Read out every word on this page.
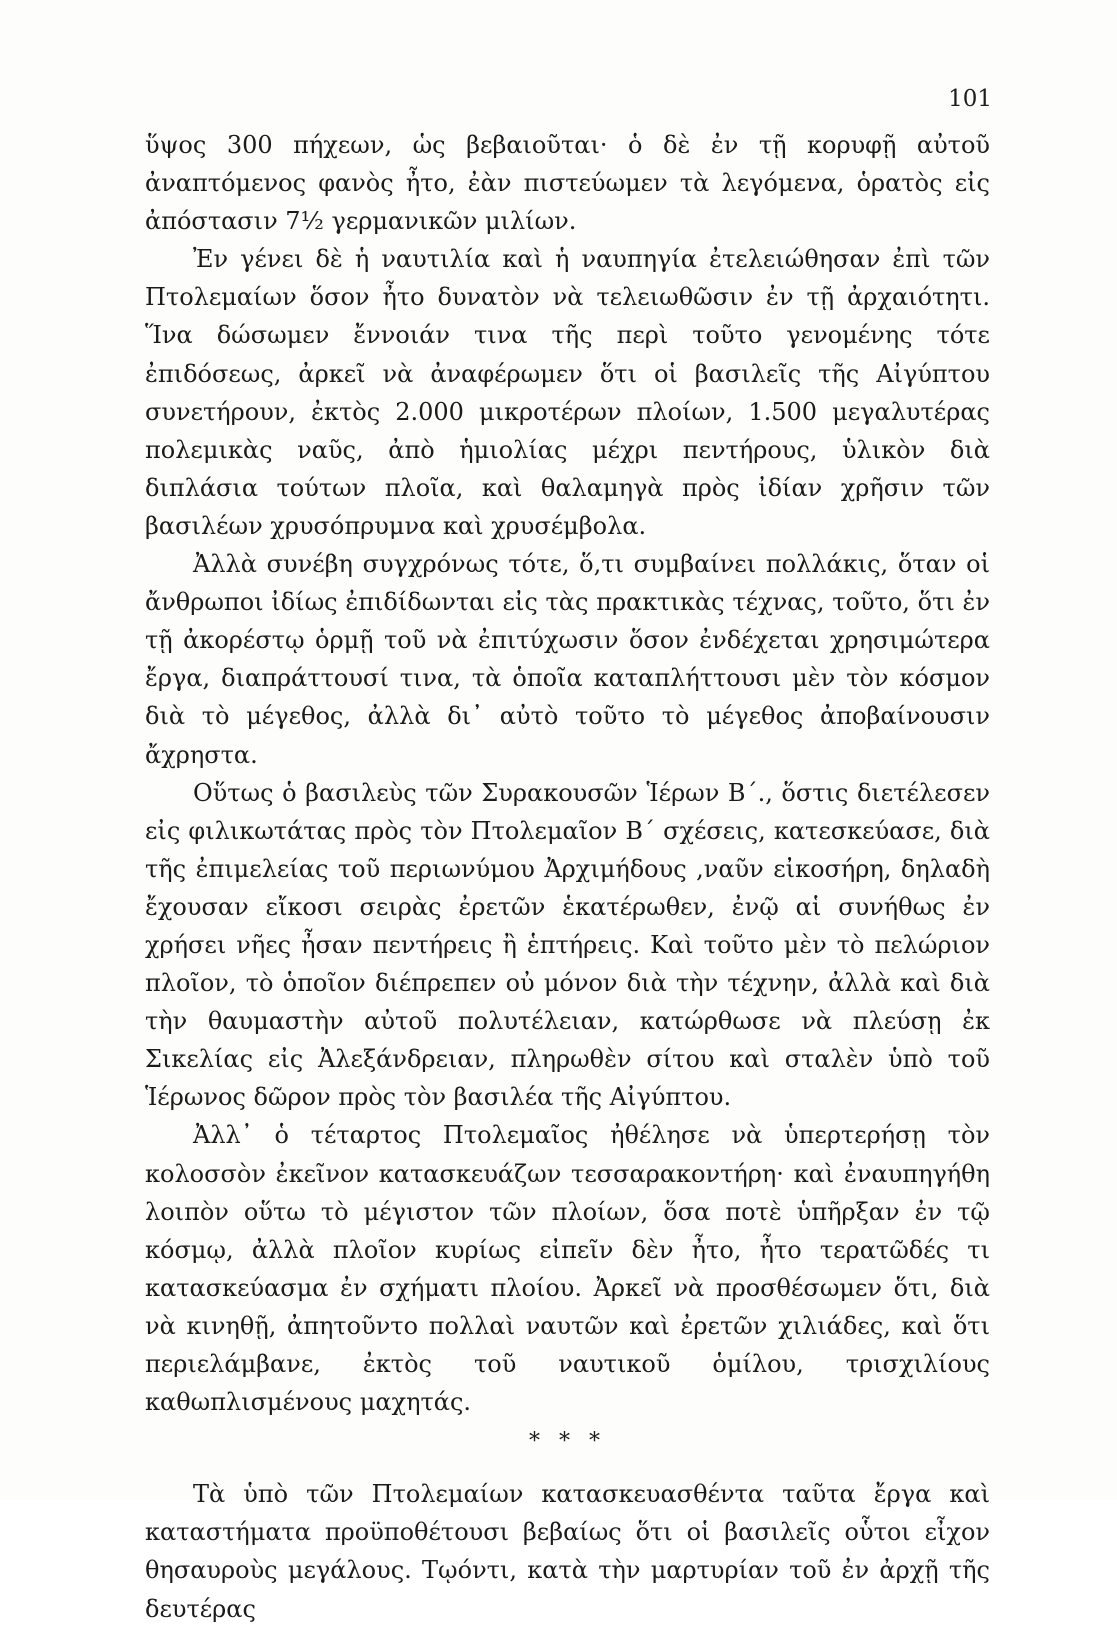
101

ὕψος 300 πήχεων, ὡς βεβαιοῦται· ὁ δὲ ἐν τῇ κορυφῇ αὐτοῦ ἀναπτόμενος φανὸς ἦτο, ἐὰν πιστεύωμεν τὰ λεγόμενα, ὁρατὸς εἰς ἀπόστασιν 7½ γερμανικῶν μιλίων.

Ἐν γένει δὲ ἡ ναυτιλία καὶ ἡ ναυπηγία ἐτελειώθησαν ἐπὶ τῶν Πτολεμαίων ὅσον ἦτο δυνατὸν νὰ τελειωθῶσιν ἐν τῇ ἀρχαιότητι. Ἵνα δώσωμεν ἔννοιάν τινα τῆς περὶ τοῦτο γενομένης τότε ἐπιδόσεως, ἀρκεῖ νὰ ἀναφέρωμεν ὅτι οἱ βασιλεῖς τῆς Αἰγύπτου συνετήρουν, ἐκτὸς 2.000 μικροτέρων πλοίων, 1.500 μεγαλυτέρας πολεμικὰς ναῦς, ἀπὸ ἡμιολίας μέχρι πεντήρους, ὑλικὸν διὰ διπλάσια τούτων πλοῖα, καὶ θαλαμηγὰ πρὸς ἰδίαν χρῆσιν τῶν βασιλέων χρυσόπρυμνα καὶ χρυσέμβολα.

Ἀλλὰ συνέβη συγχρόνως τότε, ὅ,τι συμβαίνει πολλάκις, ὅταν οἱ ἄνθρωποι ἰδίως ἐπιδίδωνται εἰς τὰς πρακτικὰς τέχνας, τοῦτο, ὅτι ἐν τῇ ἀκορέστῳ ὁρμῇ τοῦ νὰ ἐπιτύχωσιν ὅσον ἐνδέχεται χρησιμώτερα ἔργα, διαπράττουσί τινα, τὰ ὁποῖα καταπλήττουσι μὲν τὸν κόσμον διὰ τὸ μέγεθος, ἀλλὰ δι᾽ αὐτὸ τοῦτο τὸ μέγεθος ἀποβαίνουσιν ἄχρηστα.

Οὕτως ὁ βασιλεὺς τῶν Συρακουσῶν Ἱέρων Β΄., ὅστις διετέλεσεν εἰς φιλικωτάτας πρὸς τὸν Πτολεμαῖον Β΄ σχέσεις, κατεσκεύασε, διὰ τῆς ἐπιμελείας τοῦ περιωνύμου Ἀρχιμήδους ,ναῦν εἰκοσήρη, δηλαδὴ ἔχουσαν εἴκοσι σειρὰς ἐρετῶν ἑκατέρωθεν, ἐνῷ αἱ συνήθως ἐν χρήσει νῆες ἦσαν πεντήρεις ἢ ἑπτήρεις. Καὶ τοῦτο μὲν τὸ πελώριον πλοῖον, τὸ ὁποῖον διέπρεπεν οὐ μόνον διὰ τὴν τέχνην, ἀλλὰ καὶ διὰ τὴν θαυμαστὴν αὐτοῦ πολυτέλειαν, κατώρθωσε νὰ πλεύσῃ ἐκ Σικελίας εἰς Ἀλεξάνδρειαν, πληρωθὲν σίτου καὶ σταλὲν ὑπὸ τοῦ Ἱέρωνος δῶρον πρὸς τὸν βασιλέα τῆς Αἰγύπτου.

Ἀλλ᾽ ὁ τέταρτος Πτολεμαῖος ἠθέλησε νὰ ὑπερτερήσῃ τὸν κολοσσὸν ἐκεῖνον κατασκευάζων τεσσαρακοντήρη· καὶ ἐναυπηγήθη λοιπὸν οὕτω τὸ μέγιστον τῶν πλοίων, ὅσα ποτὲ ὑπῆρξαν ἐν τῷ κόσμῳ, ἀλλὰ πλοῖον κυρίως εἰπεῖν δὲν ἦτο, ἦτο τερατῶδές τι κατασκεύασμα ἐν σχήματι πλοίου. Ἀρκεῖ νὰ προσθέσωμεν ὅτι, διὰ νὰ κινηθῇ, ἀπητοῦντο πολλαὶ ναυτῶν καὶ ἐρετῶν χιλιάδες, καὶ ὅτι περιελάμβανε, ἐκτὸς τοῦ ναυτικοῦ ὁμίλου, τρισχιλίους καθωπλισμένους μαχητάς.

* * *

Τὰ ὑπὸ τῶν Πτολεμαίων κατασκευασθέντα ταῦτα ἔργα καὶ καταστήματα προϋποθέτουσι βεβαίως ὅτι οἱ βασιλεῖς οὗτοι εἶχον θησαυροὺς μεγάλους. Τῳόντι, κατὰ τὴν μαρτυρίαν τοῦ ἐν ἀρχῇ τῆς δευτέρας
